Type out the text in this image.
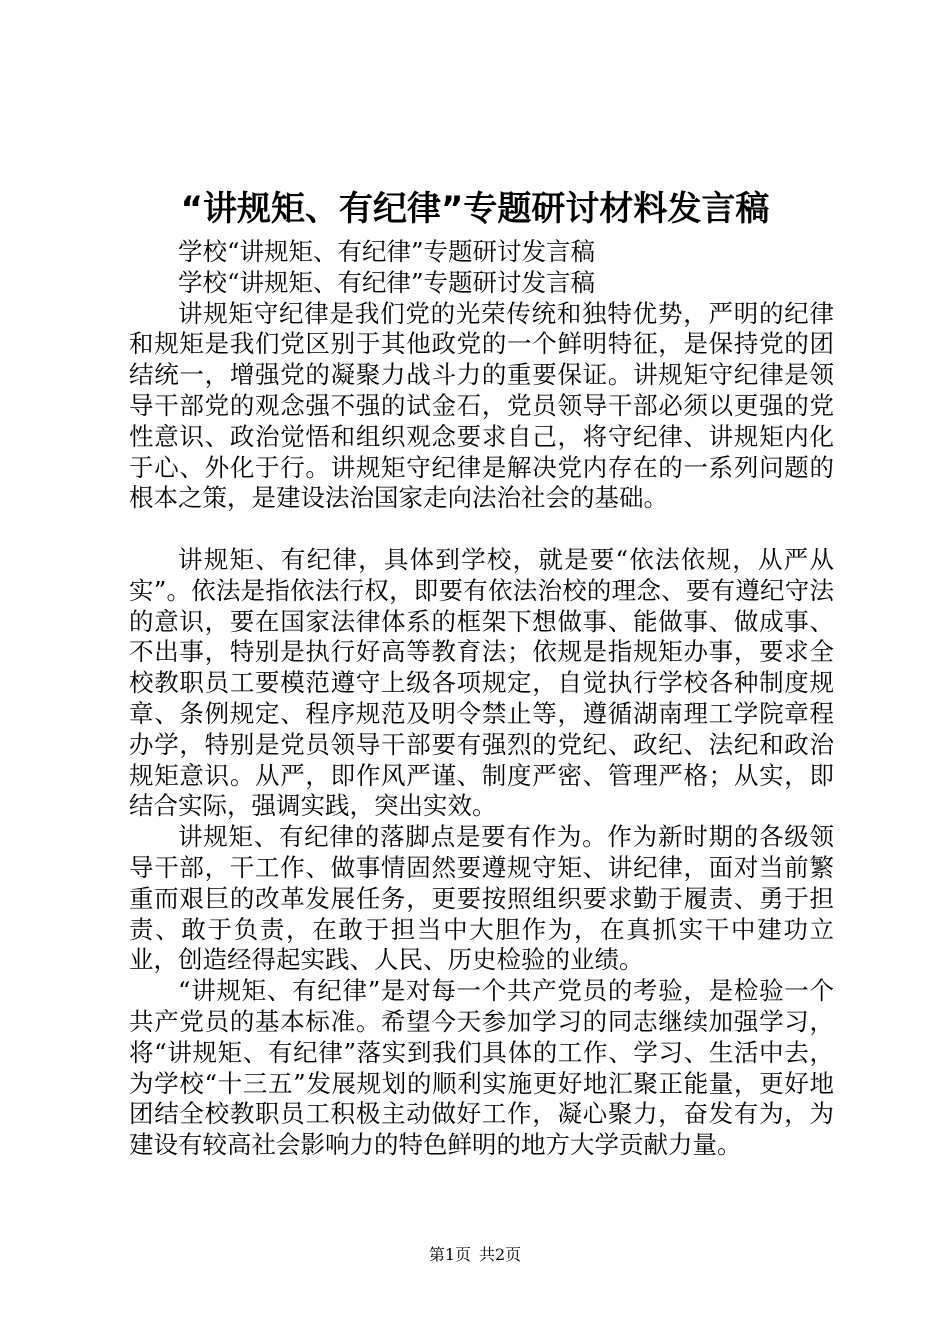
“讲规矩、有纪律”专题研讨材料发言稿

学校“讲规矩、有纪律”专题研讨发言稿

学校“讲规矩、有纪律”专题研讨发言稿

讲规矩守纪律是我们党的光荣传统和独特优势，严明的纪律和规矩是我们党区别于其他政党的一个鲜明特征，是保持党的团结统一，增强党的凝聚力战斗力的重要保证。讲规矩守纪律是领导干部党的观念强不强的试金石，党员领导干部必须以更强的党性意识、政治觉悟和组织观念要求自己，将守纪律、讲规矩内化于心、外化于行。讲规矩守纪律是解决党内存在的一系列问题的根本之策，是建设法治国家走向法治社会的基础。

讲规矩、有纪律，具体到学校，就是要“依法依规，从严从实”。依法是指依法行权，即要有依法治校的理念、要有遵纪守法的意识，要在国家法律体系的框架下想做事、能做事、做成事、不出事，特别是执行好高等教育法；依规是指规矩办事，要求全校教职员工要模范遵守上级各项规定，自觉执行学校各种制度规章、条例规定、程序规范及明令禁止等，遵循湖南理工学院章程办学，特别是党员领导干部要有强烈的党纪、政纪、法纪和政治规矩意识。从严，即作风严谨、制度严密、管理严格；从实，即结合实际，强调实践，突出实效。

讲规矩、有纪律的落脚点是要有作为。作为新时期的各级领导干部，干工作、做事情固然要遵规守矩、讲纪律，面对当前繁重而艰巨的改革发展任务，更要按照组织要求勤于履责、勇于担责、敢于负责，在敢于担当中大胆作为，在真抓实干中建功立业，创造经得起实践、人民、历史检验的业绩。

“讲规矩、有纪律”是对每一个共产党员的考验，是检验一个共产党员的基本标准。希望今天参加学习的同志继续加强学习，将“讲规矩、有纪律”落实到我们具体的工作、学习、生活中去，为学校“十三五”发展规划的顺利实施更好地汇聚正能量，更好地团结全校教职员工积极主动做好工作，凝心聚力，奋发有为，为建设有较高社会影响力的特色鲜明的地方大学贡献力量。

第1页 共2页
